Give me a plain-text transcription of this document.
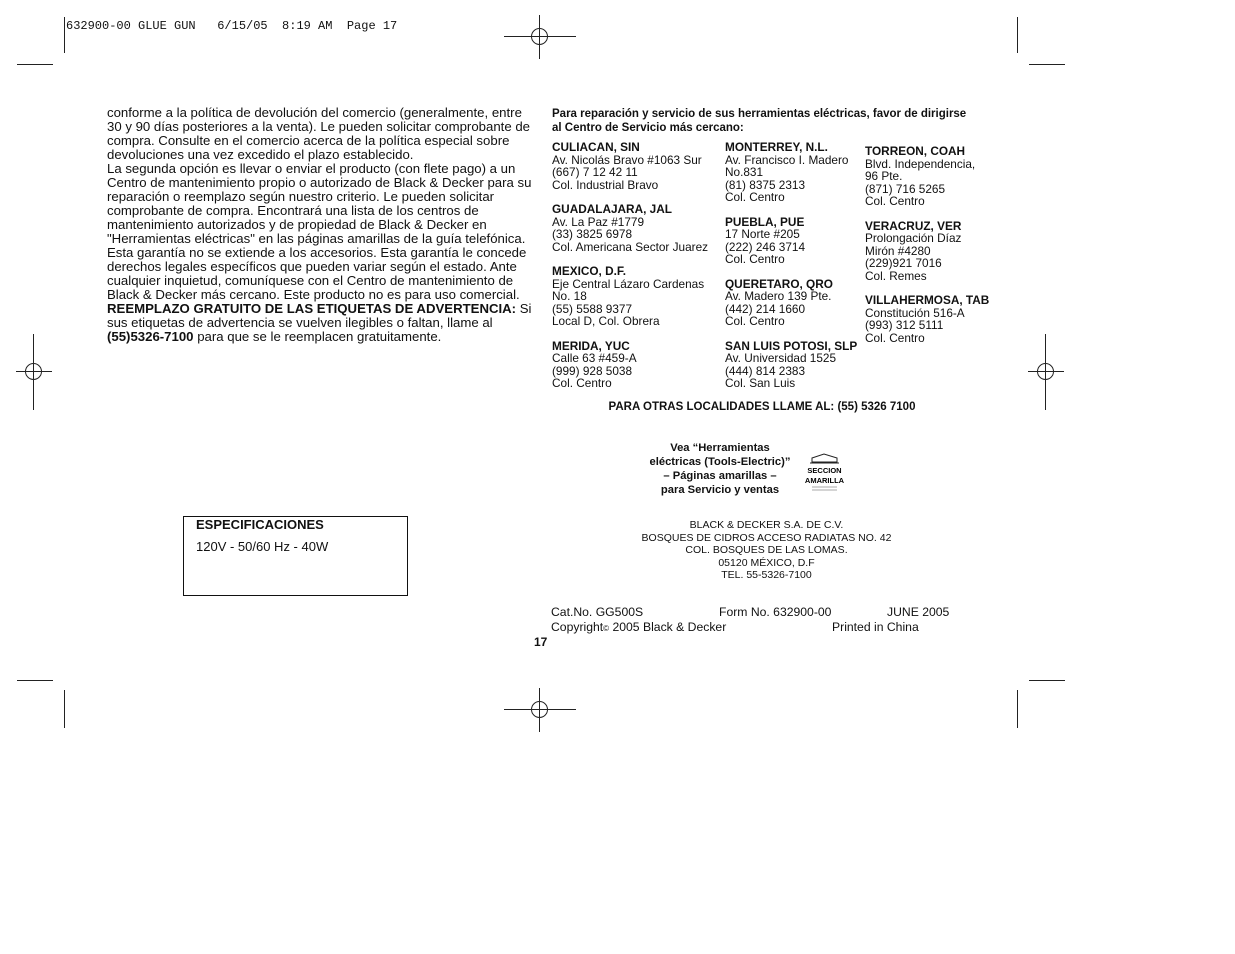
632900-00 GLUE GUN   6/15/05  8:19 AM  Page 17

conforme a la política de devolución del comercio (generalmente, entre 30 y 90 días posteriores a la venta). Le pueden solicitar comprobante de compra. Consulte en el comercio acerca de la política especial sobre devoluciones una vez excedido el plazo establecido.

La segunda opción es llevar o enviar el producto (con flete pago) a un Centro de mantenimiento propio o autorizado de Black & Decker para su reparación o reemplazo según nuestro criterio. Le pueden solicitar comprobante de compra. Encontrará una lista de los centros de mantenimiento autorizados y de propiedad de Black & Decker en "Herramientas eléctricas" en las páginas amarillas de la guía telefónica.

Esta garantía no se extiende a los accesorios. Esta garantía le concede derechos legales específicos que pueden variar según el estado. Ante cualquier inquietud, comuníquese con el Centro de mantenimiento de Black & Decker más cercano. Este producto no es para uso comercial.

REEMPLAZO GRATUITO DE LAS ETIQUETAS DE ADVERTENCIA: Si sus etiquetas de advertencia se vuelven ilegibles o faltan, llame al (55)5326-7100 para que se le reemplacen gratuitamente.

Para reparación y servicio de sus herramientas eléctricas, favor de dirigirse al Centro de Servicio más cercano:
CULIACAN, SIN
Av. Nicolás Bravo #1063 Sur
(667) 7 12 42 11
Col. Industrial Bravo
GUADALAJARA, JAL
Av. La Paz #1779
(33) 3825 6978
Col. Americana Sector Juarez
MEXICO, D.F.
Eje Central Lázaro Cardenas
No. 18
(55) 5588 9377
Local D, Col. Obrera
MERIDA, YUC
Calle 63 #459-A
(999) 928 5038
Col. Centro
MONTERREY, N.L.
Av. Francisco I. Madero
No.831
(81) 8375 2313
Col. Centro
PUEBLA, PUE
17 Norte #205
(222) 246 3714
Col. Centro
QUERETARO, QRO
Av. Madero 139 Pte.
(442) 214 1660
Col. Centro
SAN LUIS POTOSI, SLP
Av. Universidad 1525
(444) 814 2383
Col. San Luis
TORREON, COAH
Blvd. Independencia,
96 Pte.
(871) 716 5265
Col. Centro
VERACRUZ, VER
Prolongación Díaz
Mirón #4280
(229)921 7016
Col. Remes
VILLAHERMOSA, TAB
Constitución 516-A
(993) 312 5111
Col. Centro
PARA OTRAS LOCALIDADES LLAME AL: (55) 5326 7100
Vea “Herramientas
eléctricas (Tools-Electric)”
– Páginas amarillas –
para Servicio y ventas
SECCION
AMARILLA
ESPECIFICACIONES
120V - 50/60 Hz - 40W
BLACK & DECKER S.A. DE C.V.
BOSQUES DE CIDROS ACCESO RADIATAS NO. 42
COL. BOSQUES DE LAS LOMAS.
05120 MÉXICO, D.F
TEL. 55-5326-7100
Cat.No. GG500S	Form No. 632900-00	JUNE 2005
Copyright© 2005 Black & Decker	Printed in China
17
